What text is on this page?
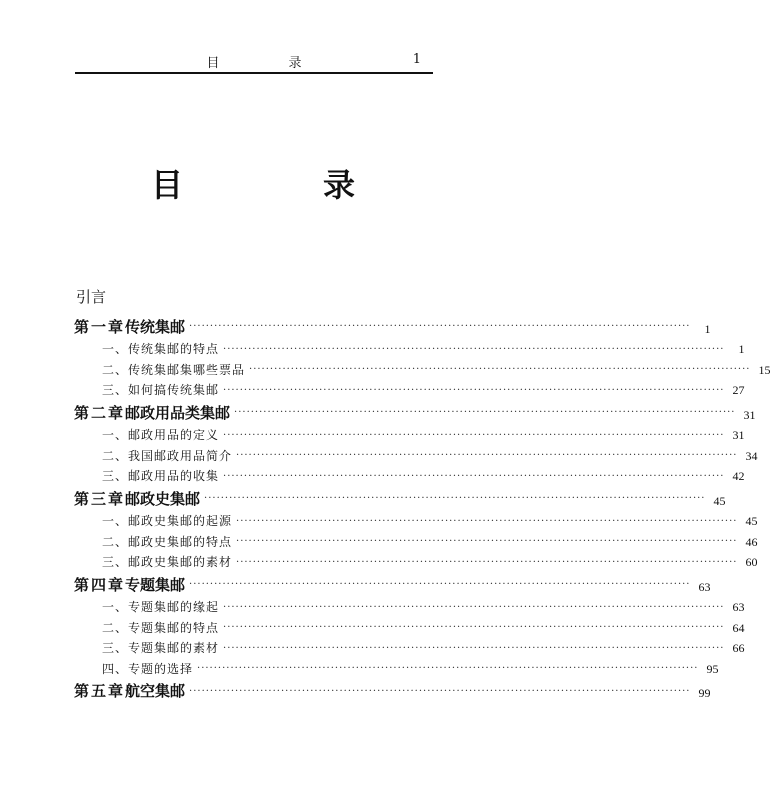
目　录	1
目　录
引言
第一章 传统集邮 ························································································································	1
一、传统集邮的特点 ························································································································	1
二、传统集邮集哪些票品 ························································································································ 15
三、如何搞传统集邮 ························································································································ 27
第二章 邮政用品类集邮 ························································································································ 31
一、邮政用品的定义 ························································································································ 31
二、我国邮政用品简介 ························································································································ 34
三、邮政用品的收集 ························································································································ 42
第三章 邮政史集邮 ························································································································ 45
一、邮政史集邮的起源 ························································································································ 45
二、邮政史集邮的特点 ························································································································ 46
三、邮政史集邮的素材 ························································································································ 60
第四章 专题集邮 ························································································································ 63
一、专题集邮的缘起 ························································································································ 63
二、专题集邮的特点 ························································································································ 64
三、专题集邮的素材 ························································································································ 66
四、专题的选择 ························································································································ 95
第五章 航空集邮 ························································································································ 99
